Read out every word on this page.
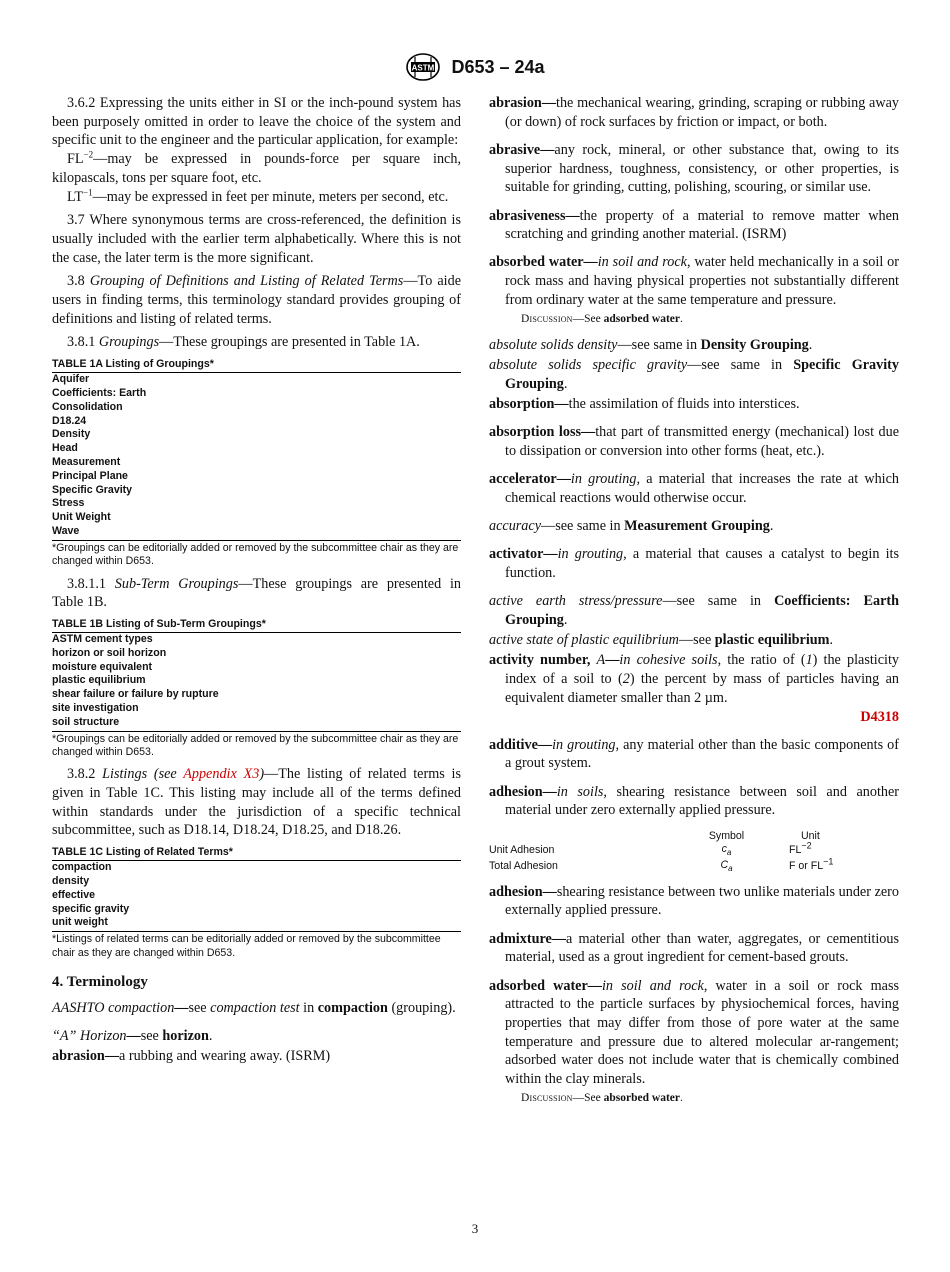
ASTM D653 – 24a

3.6.2 Expressing the units either in SI or the inch-pound system has been purposely omitted in order to leave the choice of the system and specific unit to the engineer and the particular application, for example:

$FL^{-2}—may$ be expressed in pounds-force per square inch, kilopascals, tons per square foot, etc.

$LT^{-1}—may$ be expressed in feet per minute, meters per second, etc.

3.7 Where synonymous terms are cross-referenced, the definition is usually included with the earlier term alphabetically. Where this is not the case, the later term is the more significant.

3.8 Grouping of Definitions and Listing of Related Terms—To aide users in finding terms, this terminology standard provides grouping of definitions and listing of related terms.

3.8.1 Groupings—These groupings are presented in Table 1A.

TABLE 1A Listing of Groupings*
Aquifer
Coefficients: Earth
Consolidation
D18.24
Density
Head
Measurement
Principal Plane
Specific Gravity
Stress
Unit Weight
Wave
*Groupings can be editorially added or removed by the subcommittee chair as they are changed within D653.

3.8.1.1 Sub-Term Groupings—These groupings are presented in Table 1B.

TABLE 1B Listing of Sub-Term Groupings*
ASTM cement types
horizon or soil horizon
moisture equivalent
plastic equilibrium
shear failure or failure by rupture
site investigation
soil structure
*Groupings can be editorially added or removed by the subcommittee chair as they are changed within D653.

3.8.2 Listings (see Appendix X3)—The listing of related terms is given in Table 1C. This listing may include all of the terms defined within standards under the jurisdiction of a specific technical subcommittee, such as D18.14, D18.24, D18.25, and D18.26.

TABLE 1C Listing of Related Terms*
compaction
density
effective
specific gravity
unit weight
*Listings of related terms can be editorially added or removed by the subcommittee chair as they are changed within D653.
4. Terminology

AASHTO compaction—see compaction test in compaction (grouping).

“A” Horizon—see horizon.

abrasion—a rubbing and wearing away. (ISRM)

abrasion—the mechanical wearing, grinding, scraping or rubbing away (or down) of rock surfaces by friction or impact, or both.

abrasive—any rock, mineral, or other substance that, owing to its superior hardness, toughness, consistency, or other properties, is suitable for grinding, cutting, polishing, scouring, or similar use.

abrasiveness—the property of a material to remove matter when scratching and grinding another material. (ISRM)

absorbed water—in soil and rock, water held mechanically in a soil or rock mass and having physical properties not substantially different from ordinary water at the same temperature and pressure.

Discussion—See adsorbed water.

absolute solids density—see same in Density Grouping.

absolute solids specific gravity—see same in Specific Gravity Grouping.

absorption—the assimilation of fluids into interstices.

absorption loss—that part of transmitted energy (mechanical) lost due to dissipation or conversion into other forms (heat, etc.).

accelerator—in grouting, a material that increases the rate at which chemical reactions would otherwise occur.

accuracy—see same in Measurement Grouping.

activator—in grouting, a material that causes a catalyst to begin its function.

active earth stress/pressure—see same in Coefficients: Earth Grouping.

active state of plastic equilibrium—see plastic equilibrium.

activity number, A—in cohesive soils, the ratio of (1) the plasticity index of a soil to (2) the percent by mass of particles having an equivalent diameter smaller than 2 µm.

D4318

additive—in grouting, any material other than the basic components of a grout system.

adhesion—in soils, shearing resistance between soil and another material under zero externally applied pressure.

	Symbol	Unit
Unit Adhesion	$c_a$	$FL^{-2}$
Total Adhesion	$C_a$	F or $FL^{-1}$

adhesion—shearing resistance between two unlike materials under zero externally applied pressure.

admixture—a material other than water, aggregates, or cementitious material, used as a grout ingredient for cement-based grouts.

adsorbed water—in soil and rock, water in a soil or rock mass attracted to the particle surfaces by physiochemical forces, having properties that may differ from those of pore water at the same temperature and pressure due to altered molecular ar-rangement; adsorbed water does not include water that is chemically combined within the clay minerals.

Discussion—See absorbed water.

3
